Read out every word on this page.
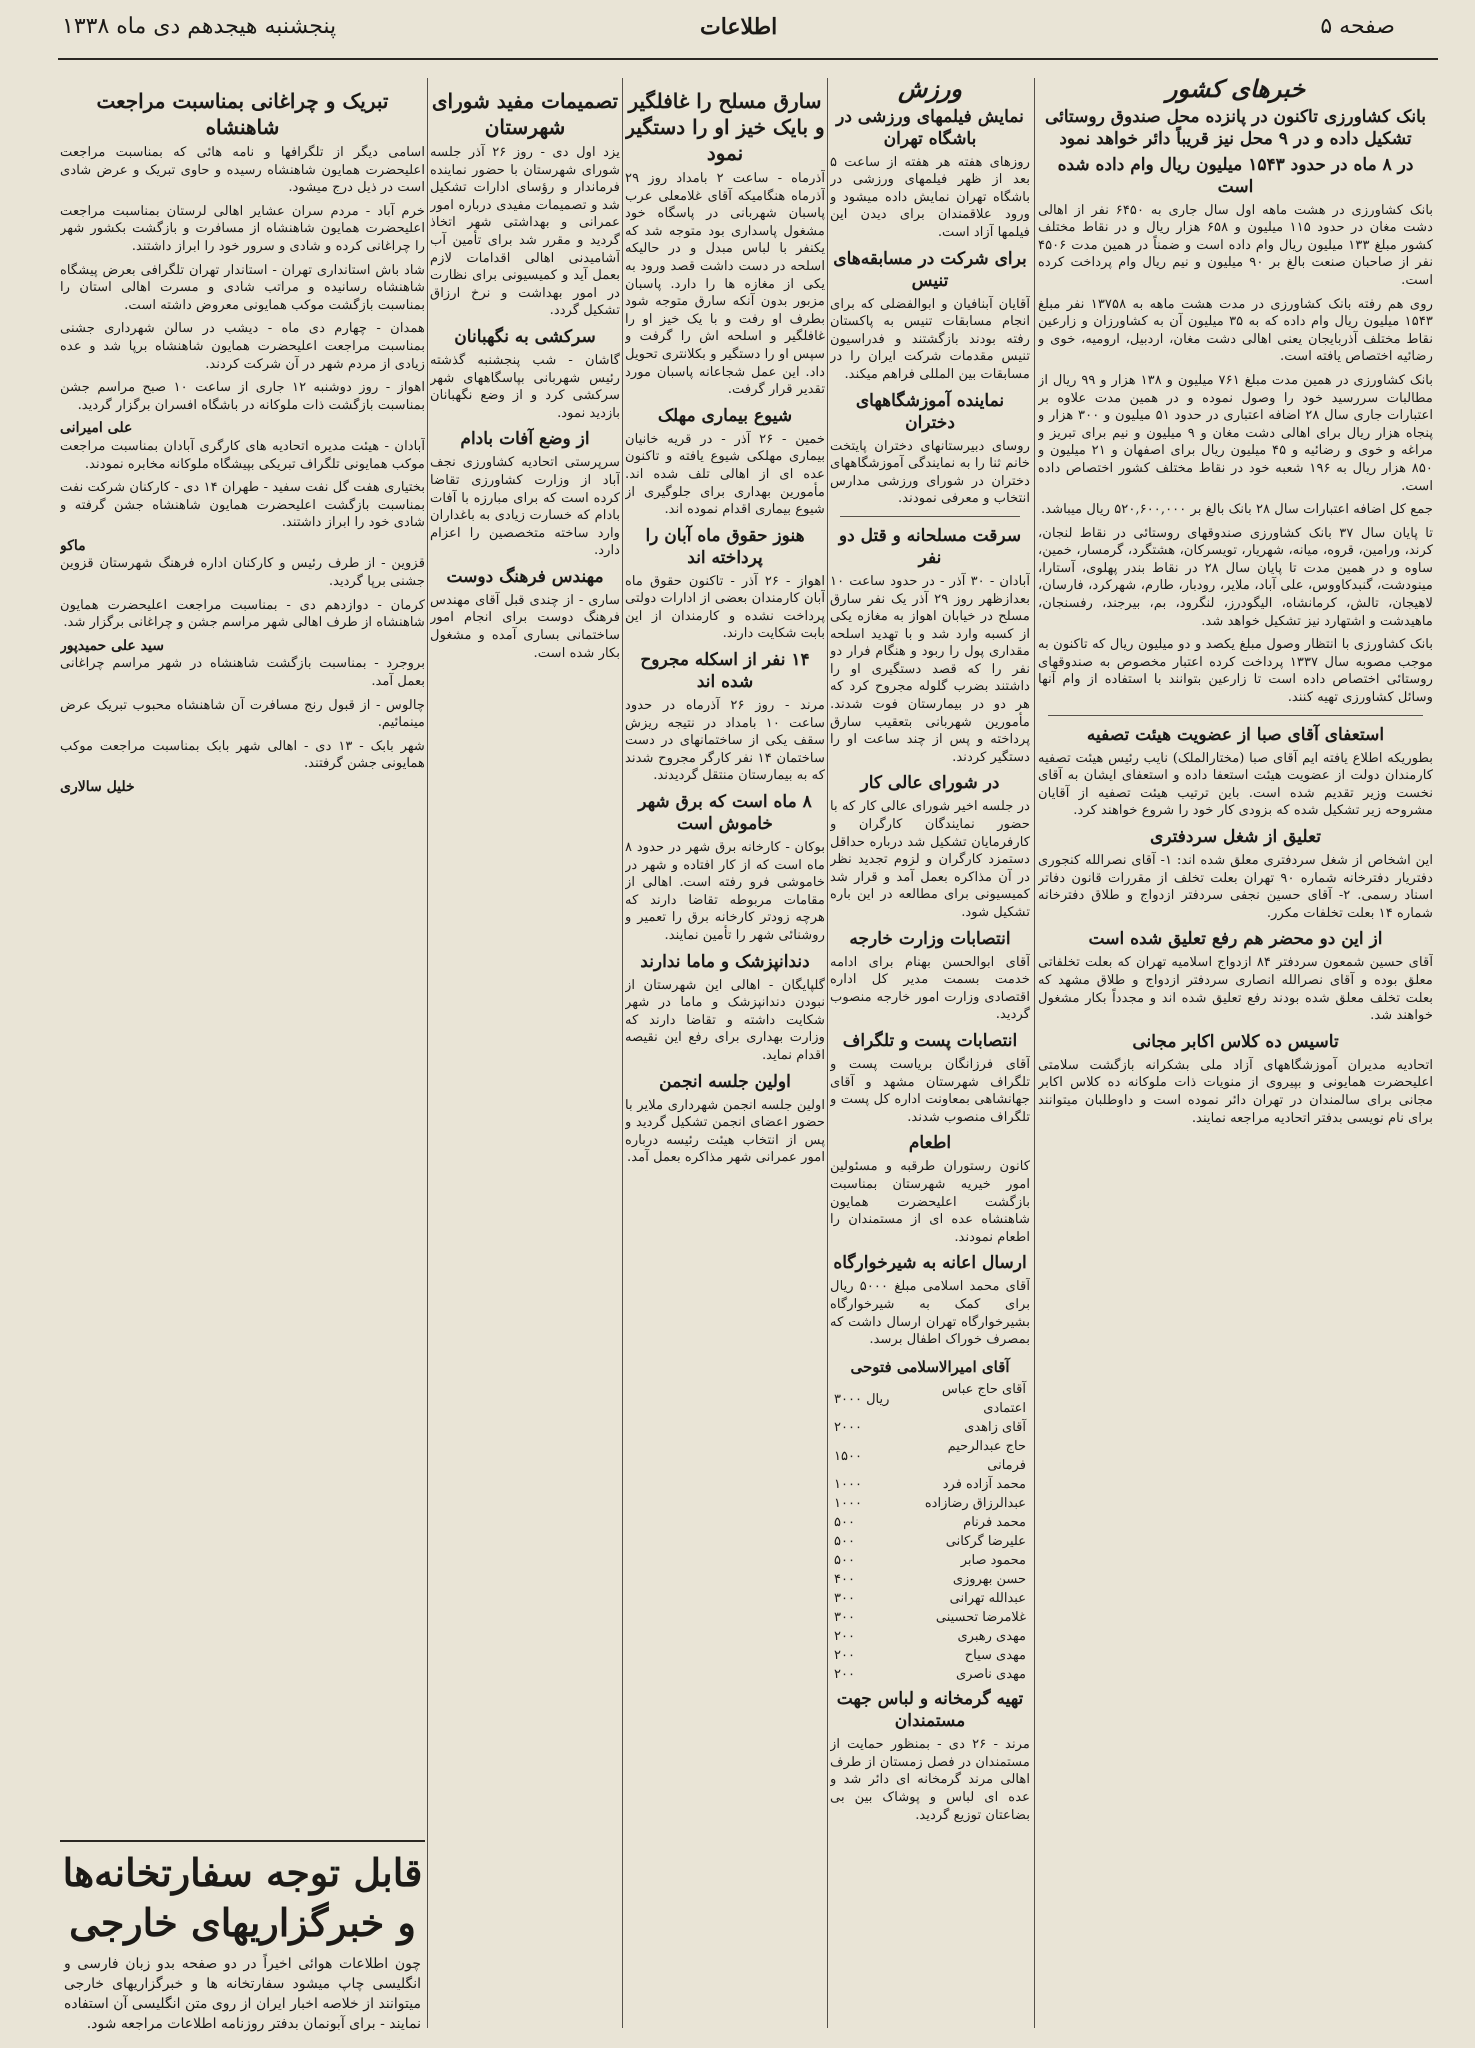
صفحه ۵
اطلاعات
پنجشنبه هیجدهم دی ماه ۱۳۳۸
خبرهای کشور
بانک کشاورزی تاکنون در پانزده محل صندوق روستائی تشکیل داده و در ۹ محل نیز قریباً دائر خواهد نمود
در ۸ ماه در حدود ۱۵۴۳ میلیون ریال وام داده شده است

بانک کشاورزی در هشت ماهه اول سال جاری به ۶۴۵۰ نفر از اهالی دشت مغان در حدود ۱۱۵ میلیون و ۶۵۸ هزار ریال و در نقاط مختلف کشور مبلغ ۱۳۳ میلیون ریال وام داده است و ضمناً در همین مدت ۴۵۰۶ نفر از صاحبان صنعت بالغ بر ۹۰ میلیون و نیم ریال وام پرداخت کرده است.

روی هم رفته بانک کشاورزی در مدت هشت ماهه به ۱۳۷۵۸ نفر مبلغ ۱۵۴۳ میلیون ریال وام داده که به ۳۵ میلیون آن به کشاورزان و زارعین نقاط مختلف آذربایجان یعنی اهالی دشت مغان، اردبیل، ارومیه، خوی و رضائیه اختصاص یافته است.

بانک کشاورزی در همین مدت مبلغ ۷۶۱ میلیون و ۱۳۸ هزار و ۹۹ ریال از مطالبات سررسید خود را وصول نموده و در همین مدت علاوه بر اعتبارات جاری سال ۲۸ اضافه اعتباری در حدود ۵۱ میلیون و ۳۰۰ هزار و پنجاه هزار ریال برای اهالی دشت مغان و ۹ میلیون و نیم برای تبریز و مراغه و خوی و رضائیه و ۴۵ میلیون ریال برای اصفهان و ۲۱ میلیون و ۸۵۰ هزار ریال به ۱۹۶ شعبه خود در نقاط مختلف کشور اختصاص داده است.

جمع کل اضافه اعتبارات سال ۲۸ بانک بالغ بر ۵۲۰,۶۰۰,۰۰۰ ریال میباشد.

تا پایان سال ۳۷ بانک کشاورزی صندوقهای روستائی در نقاط لنجان، کرند، ورامین، قروه، میانه، شهریار، تویسرکان، هشتگرد، گرمسار، خمین، ساوه و در همین مدت تا پایان سال ۲۸ در نقاط بندر پهلوی، آستارا، مینودشت، گنبدکاووس، علی آباد، ملایر، رودبار، طارم، شهرکرد، فارسان، لاهیجان، تالش، کرمانشاه، الیگودرز، لنگرود، بم، بیرجند، رفسنجان، ماهیدشت و اشتهارد نیز تشکیل خواهد شد.

بانک کشاورزی با انتظار وصول مبلغ یکصد و دو میلیون ریال که تاکنون به موجب مصوبه سال ۱۳۳۷ پرداخت کرده اعتبار مخصوص به صندوقهای روستائی اختصاص داده است تا زارعین بتوانند با استفاده از وام آنها وسائل کشاورزی تهیه کنند.

استعفای آقای صبا از عضویت هیئت تصفیه

بطوریکه اطلاع یافته ایم آقای صبا (مختارالملک) نایب رئیس هیئت تصفیه کارمندان دولت از عضویت هیئت استعفا داده و استعفای ایشان به آقای نخست وزیر تقدیم شده است. باین ترتیب هیئت تصفیه از آقایان مشروحه زیر تشکیل شده که بزودی کار خود را شروع خواهند کرد.

تعلیق از شغل سردفتری

این اشخاص از شغل سردفتری معلق شده اند: ۱- آقای نصرالله کنجوری دفتریار دفترخانه شماره ۹۰ تهران بعلت تخلف از مقررات قانون دفاتر اسناد رسمی. ۲- آقای حسین نجفی سردفتر ازدواج و طلاق دفترخانه شماره ۱۴ بعلت تخلفات مکرر.

از این دو محضر هم رفع تعلیق شده است

آقای حسین شمعون سردفتر ۸۴ ازدواج اسلامیه تهران که بعلت تخلفاتی معلق بوده و آقای نصرالله انصاری سردفتر ازدواج و طلاق مشهد که بعلت تخلف معلق شده بودند رفع تعلیق شده اند و مجدداً بکار مشغول خواهند شد.

تاسیس ده کلاس اکابر مجانی

اتحادیه مدیران آموزشگاههای آزاد ملی بشکرانه بازگشت سلامتی اعلیحضرت همایونی و بپیروی از منویات ذات ملوکانه ده کلاس اکابر مجانی برای سالمندان در تهران دائر نموده است و داوطلبان میتوانند برای نام نویسی بدفتر اتحادیه مراجعه نمایند.

ورزش
نمایش فیلمهای ورزشی در باشگاه تهران

روزهای هفته هر هفته از ساعت ۵ بعد از ظهر فیلمهای ورزشی در باشگاه تهران نمایش داده میشود و ورود علاقمندان برای دیدن این فیلمها آزاد است.

برای شرکت در مسابقه‌های تنیس

آقایان آبنافیان و ابوالفضلی که برای انجام مسابقات تنیس به پاکستان رفته بودند بازگشتند و فدراسیون تنیس مقدمات شرکت ایران را در مسابقات بین المللی فراهم میکند.

نماینده آموزشگاههای دختران

روسای دبیرستانهای دختران پایتخت خانم ثنا را به نمایندگی آموزشگاههای دختران در شورای ورزشی مدارس انتخاب و معرفی نمودند.

سرقت مسلحانه و قتل دو نفر

آبادان - ۳۰ آذر - در حدود ساعت ۱۰ بعدازظهر روز ۲۹ آذر یک نفر سارق مسلح در خیابان اهواز به مغازه یکی از کسبه وارد شد و با تهدید اسلحه مقداری پول را ربود و هنگام فرار دو نفر را که قصد دستگیری او را داشتند بضرب گلوله مجروح کرد که هر دو در بیمارستان فوت شدند. مأمورین شهربانی بتعقیب سارق پرداخته و پس از چند ساعت او را دستگیر کردند.

در شورای عالی کار

در جلسه اخیر شورای عالی کار که با حضور نمایندگان کارگران و کارفرمایان تشکیل شد درباره حداقل دستمزد کارگران و لزوم تجدید نظر در آن مذاکره بعمل آمد و قرار شد کمیسیونی برای مطالعه در این باره تشکیل شود.

انتصابات وزارت خارجه

آقای ابوالحسن بهنام برای ادامه خدمت بسمت مدیر کل اداره اقتصادی وزارت امور خارجه منصوب گردید.

انتصابات پست و تلگراف

آقای فرزانگان بریاست پست و تلگراف شهرستان مشهد و آقای جهانشاهی بمعاونت اداره کل پست و تلگراف منصوب شدند.

اطعام

کانون رستوران طرقبه و مسئولین امور خیریه شهرستان بمناسبت بازگشت اعلیحضرت همایون شاهنشاه عده ای از مستمندان را اطعام نمودند.

ارسال اعانه به شیرخوارگاه

آقای محمد اسلامی مبلغ ۵۰۰۰ ریال برای کمک به شیرخوارگاه بشیرخوارگاه تهران ارسال داشت که بمصرف خوراک اطفال برسد.

آقای امیرالاسلامی فتوحی
آقای حاج عباس اعتمادی	۳۰۰۰ ریال
آقای زاهدی	۲۰۰۰
حاج عبدالرحیم فرمانی	۱۵۰۰
محمد آزاده فرد	۱۰۰۰
عبدالرزاق رضازاده	۱۰۰۰
محمد فرنام	۵۰۰
علیرضا گرکانی	۵۰۰
محمود صابر	۵۰۰
حسن بهروزی	۴۰۰
عبدالله تهرانی	۳۰۰
غلامرضا تحسینی	۳۰۰
مهدی رهبری	۲۰۰
مهدی سیاح	۲۰۰
مهدی ناصری	۲۰۰
تهیه گرمخانه و لباس جهت مستمندان

مرند - ۲۶ دی - بمنظور حمایت از مستمندان در فصل زمستان از طرف اهالی مرند گرمخانه ای دائر شد و عده ای لباس و پوشاک بین بی بضاعتان توزیع گردید.

سارق مسلح را غافلگیر و بایک خیز او را دستگیر نمود

آذرماه - ساعت ۲ بامداد روز ۲۹ آذرماه هنگامیکه آقای غلامعلی عرب پاسبان شهربانی در پاسگاه خود مشغول پاسداری بود متوجه شد که یکنفر با لباس مبدل و در حالیکه اسلحه در دست داشت قصد ورود به یکی از مغازه ها را دارد. پاسبان مزبور بدون آنکه سارق متوجه شود بطرف او رفت و با یک خیز او را غافلگیر و اسلحه اش را گرفت و سپس او را دستگیر و بکلانتری تحویل داد. این عمل شجاعانه پاسبان مورد تقدیر قرار گرفت.

شیوع بیماری مهلک

خمین - ۲۶ آذر - در قریه خانیان بیماری مهلکی شیوع یافته و تاکنون عده ای از اهالی تلف شده اند. مأمورین بهداری برای جلوگیری از شیوع بیماری اقدام نموده اند.

هنوز حقوق ماه آبان را پرداخته اند

اهواز - ۲۶ آذر - تاکنون حقوق ماه آبان کارمندان بعضی از ادارات دولتی پرداخت نشده و کارمندان از این بابت شکایت دارند.

۱۴ نفر از اسکله مجروح شده اند

مرند - روز ۲۶ آذرماه در حدود ساعت ۱۰ بامداد در نتیجه ریزش سقف یکی از ساختمانهای در دست ساختمان ۱۴ نفر کارگر مجروح شدند که به بیمارستان منتقل گردیدند.

۸ ماه است که برق شهر خاموش است

بوکان - کارخانه برق شهر در حدود ۸ ماه است که از کار افتاده و شهر در خاموشی فرو رفته است. اهالی از مقامات مربوطه تقاضا دارند که هرچه زودتر کارخانه برق را تعمیر و روشنائی شهر را تأمین نمایند.

دندانپزشک و ماما ندارند

گلپایگان - اهالی این شهرستان از نبودن دندانپزشک و ماما در شهر شکایت داشته و تقاضا دارند که وزارت بهداری برای رفع این نقیصه اقدام نماید.

اولین جلسه انجمن

اولین جلسه انجمن شهرداری ملایر با حضور اعضای انجمن تشکیل گردید و پس از انتخاب هیئت رئیسه درباره امور عمرانی شهر مذاکره بعمل آمد.

تصمیمات مفید شورای شهرستان

یزد اول دی - روز ۲۶ آذر جلسه شورای شهرستان با حضور نماینده فرماندار و رؤسای ادارات تشکیل شد و تصمیمات مفیدی درباره امور عمرانی و بهداشتی شهر اتخاذ گردید و مقرر شد برای تأمین آب آشامیدنی اهالی اقدامات لازم بعمل آید و کمیسیونی برای نظارت در امور بهداشت و نرخ ارزاق تشکیل گردد.

سرکشی به نگهبانان

گاشان - شب پنجشنبه گذشته رئیس شهربانی بپاسگاههای شهر سرکشی کرد و از وضع نگهبانان بازدید نمود.

از وضع آفات بادام

سرپرستی اتحادیه کشاورزی نجف آباد از وزارت کشاورزی تقاضا کرده است که برای مبارزه با آفات بادام که خسارت زیادی به باغداران وارد ساخته متخصصین را اعزام دارد.

مهندس فرهنگ دوست

ساری - از چندی قبل آقای مهندس فرهنگ دوست برای انجام امور ساختمانی بساری آمده و مشغول بکار شده است.

تبریک و چراغانی بمناسبت مراجعت شاهنشاه

اسامی دیگر از تلگرافها و نامه هائی که بمناسبت مراجعت اعلیحضرت همایون شاهنشاه رسیده و حاوی تبریک و عرض شادی است در ذیل درج میشود.

خرم آباد - مردم سران عشایر اهالی لرستان بمناسبت مراجعت اعلیحضرت همایون شاهنشاه از مسافرت و بازگشت بکشور شهر را چراغانی کرده و شادی و سرور خود را ابراز داشتند.

شاد باش استانداری تهران - استاندار تهران تلگرافی بعرض پیشگاه شاهنشاه رسانیده و مراتب شادی و مسرت اهالی استان را بمناسبت بازگشت موکب همایونی معروض داشته است.

همدان - چهارم دی ماه - دیشب در سالن شهرداری جشنی بمناسبت مراجعت اعلیحضرت همایون شاهنشاه برپا شد و عده زیادی از مردم شهر در آن شرکت کردند.

اهواز - روز دوشنبه ۱۲ جاری از ساعت ۱۰ صبح مراسم جشن بمناسبت بازگشت ذات ملوکانه در باشگاه افسران برگزار گردید.

علی امیرانی

آبادان - هیئت مدیره اتحادیه های کارگری آبادان بمناسبت مراجعت موکب همایونی تلگراف تبریکی بپیشگاه ملوکانه مخابره نمودند.

بختیاری هفت گل نفت سفید - طهران ۱۴ دی - کارکنان شرکت نفت بمناسبت بازگشت اعلیحضرت همایون شاهنشاه جشن گرفته و شادی خود را ابراز داشتند.

ماکو

قزوین - از طرف رئیس و کارکنان اداره فرهنگ شهرستان قزوین جشنی برپا گردید.

کرمان - دوازدهم دی - بمناسبت مراجعت اعلیحضرت همایون شاهنشاه از طرف اهالی شهر مراسم جشن و چراغانی برگزار شد.

سید علی حمیدپور

بروجرد - بمناسبت بازگشت شاهنشاه در شهر مراسم چراغانی بعمل آمد.

چالوس - از قبول رنج مسافرت آن شاهنشاه محبوب تبریک عرض مینمائیم.

شهر بابک - ۱۳ دی - اهالی شهر بابک بمناسبت مراجعت موکب همایونی جشن گرفتند.

خلیل سالاری
قابل توجه سفارتخانه‌ها و خبرگزاریهای خارجی
چون اطلاعات هوائی اخیراً در دو صفحه بدو زبان فارسی و انگلیسی چاپ میشود سفارتخانه ها و خبرگزاریهای خارجی میتوانند از خلاصه اخبار ایران از روی متن انگلیسی آن استفاده نمایند - برای آبونمان بدفتر روزنامه اطلاعات مراجعه شود.
